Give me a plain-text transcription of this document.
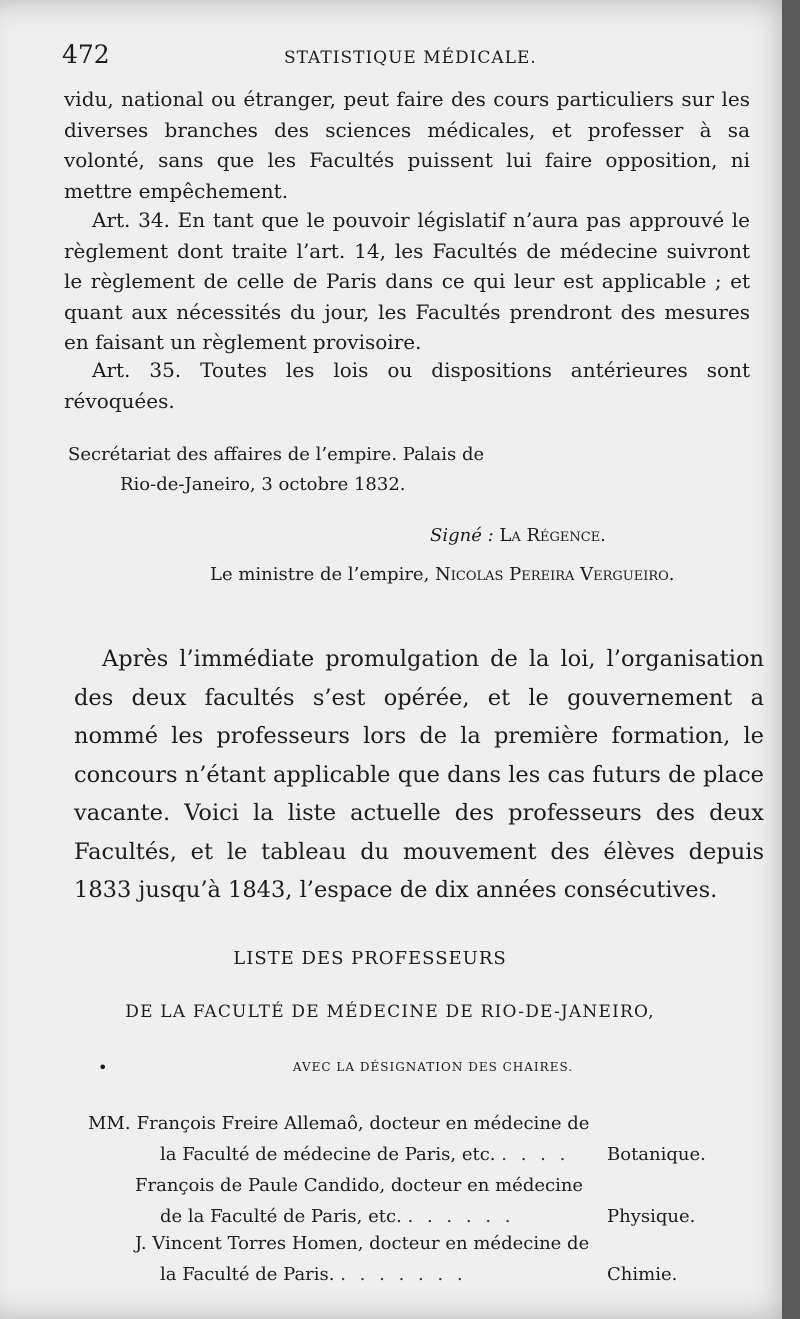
472	STATISTIQUE MÉDICALE.

vidu, national ou étranger, peut faire des cours particuliers sur les diverses branches des sciences médicales, et professer à sa volonté, sans que les Facultés puissent lui faire opposition, ni mettre empêchement.

Art. 34. En tant que le pouvoir législatif n’aura pas approuvé le règlement dont traite l’art. 14, les Facultés de médecine suivront le règlement de celle de Paris dans ce qui leur est applicable ; et quant aux nécessités du jour, les Facultés prendront des mesures en faisant un règlement provisoire.

Art. 35. Toutes les lois ou dispositions antérieures sont révoquées.

Secrétariat des affaires de l’empire. Palais de
Rio-de-Janeiro, 3 octobre 1832.
Signé : La Régence.
Le ministre de l’empire, Nicolas Pereira Vergueiro.

Après l’immédiate promulgation de la loi, l’organisation des deux facultés s’est opérée, et le gouvernement a nommé les professeurs lors de la première formation, le concours n’étant applicable que dans les cas futurs de place vacante. Voici la liste actuelle des professeurs des deux Facultés, et le tableau du mouvement des élèves depuis 1833 jusqu’à 1843, l’espace de dix années consécutives.

LISTE DES PROFESSEURS
DE LA FACULTÉ DE MÉDECINE DE RIO-DE-JANEIRO,
•	AVEC LA DÉSIGNATION DES CHAIRES.
MM. François Freire Allemaô, docteur en médecine de
la Faculté de médecine de Paris, etc. . . . . Botanique.
François de Paule Candido, docteur en médecine
de la Faculté de Paris, etc. . . . . . .	Physique.
J. Vincent Torres Homen, docteur en médecine de
la Faculté de Paris. . . . . . . .	Chimie.
